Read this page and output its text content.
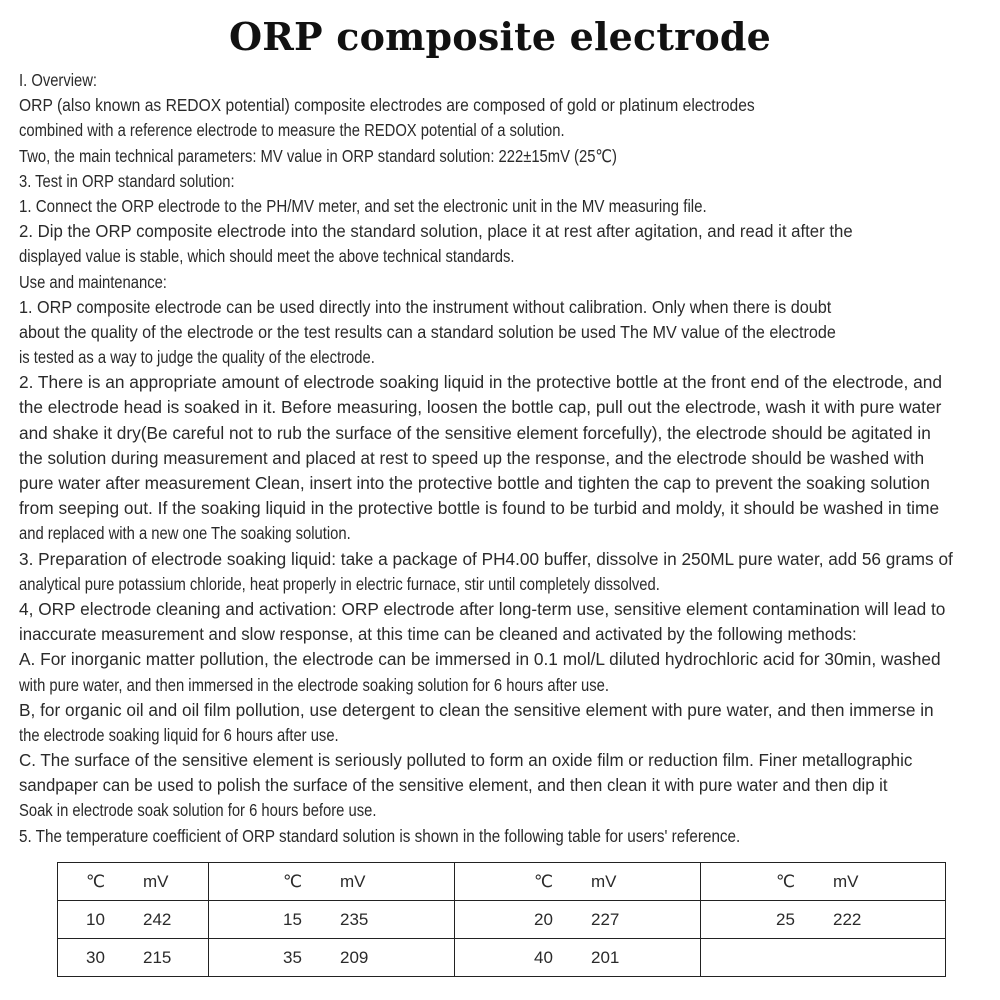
ORP composite electrode
I. Overview:
ORP (also known as REDOX potential) composite electrodes are composed of gold or platinum electrodes
combined with a reference electrode to measure the REDOX potential of a solution.
Two, the main technical parameters: MV value in ORP standard solution: 222±15mV (25℃)
3. Test in ORP standard solution:
1. Connect the ORP electrode to the PH/MV meter, and set the electronic unit in the MV measuring file.
2. Dip the ORP composite electrode into the standard solution, place it at rest after agitation, and read it after the
displayed value is stable, which should meet the above technical standards.
Use and maintenance:
1. ORP composite electrode can be used directly into the instrument without calibration. Only when there is doubt
about the quality of the electrode or the test results can a standard solution be used The MV value of the electrode
is tested as a way to judge the quality of the electrode.
2. There is an appropriate amount of electrode soaking liquid in the protective bottle at the front end of the electrode, and
the electrode head is soaked in it. Before measuring, loosen the bottle cap, pull out the electrode, wash it with pure water
and shake it dry(Be careful not to rub the surface of the sensitive element forcefully), the electrode should be agitated in
the solution during measurement and placed at rest to speed up the response, and the electrode should be washed with
pure water after measurement Clean, insert into the protective bottle and tighten the cap to prevent the soaking solution
from seeping out. If the soaking liquid in the protective bottle is found to be turbid and moldy, it should be washed in time
and replaced with a new one The soaking solution.
3. Preparation of electrode soaking liquid: take a package of PH4.00 buffer, dissolve in 250ML pure water, add 56 grams of
analytical pure potassium chloride, heat properly in electric furnace, stir until completely dissolved.
4, ORP electrode cleaning and activation: ORP electrode after long-term use, sensitive element contamination will lead to
inaccurate measurement and slow response, at this time can be cleaned and activated by the following methods:
A. For inorganic matter pollution, the electrode can be immersed in 0.1 mol/L diluted hydrochloric acid for 30min, washed
with pure water, and then immersed in the electrode soaking solution for 6 hours after use.
B, for organic oil and oil film pollution, use detergent to clean the sensitive element with pure water, and then immerse in
the electrode soaking liquid for 6 hours after use.
C. The surface of the sensitive element is seriously polluted to form an oxide film or reduction film. Finer metallographic
sandpaper can be used to polish the surface of the sensitive element, and then clean it with pure water and then dip it
Soak in electrode soak solution for 6 hours before use.
5. The temperature coefficient of ORP standard solution is shown in the following table for users' reference.
℃ mV	℃ mV	℃ mV	℃ mV

10 242	15 235	20 227	25 222

30 215	35 209	40 201	
